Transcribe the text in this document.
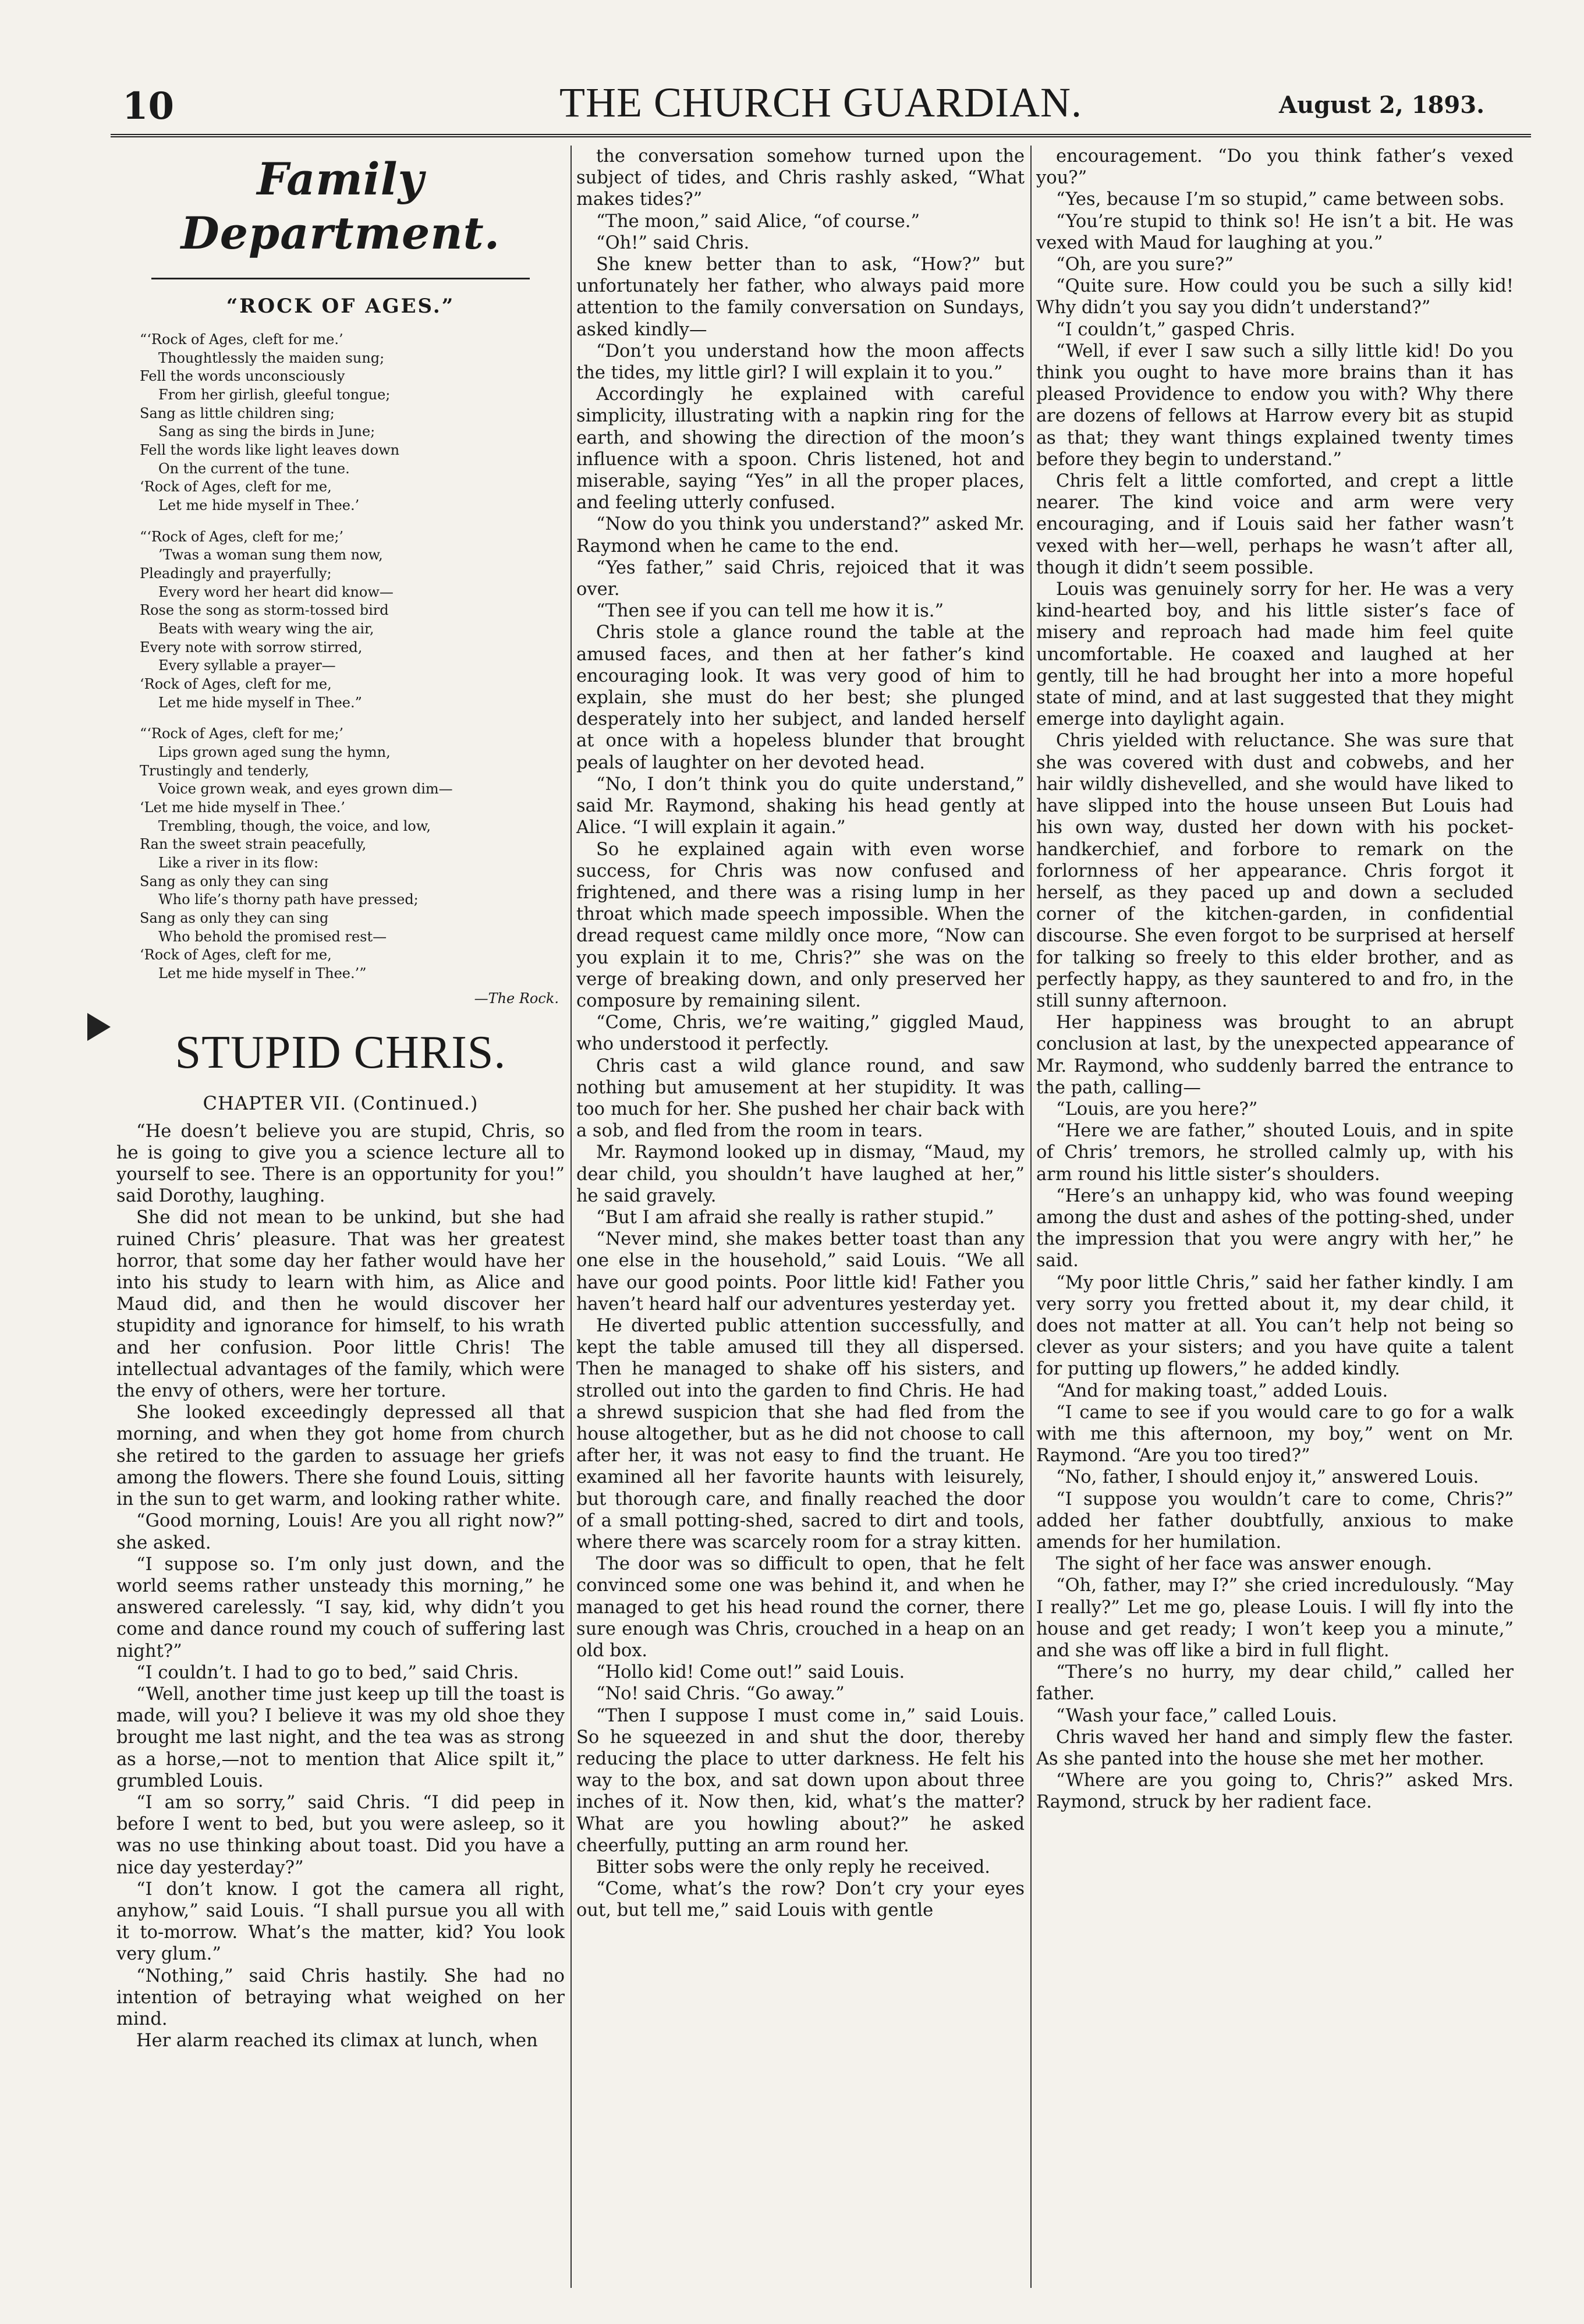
10	THE CHURCH GUARDIAN.	August 2, 1893.
Family Department.
“ROCK OF AGES.”
“‘Rock of Ages, cleft for me.’
Thoughtlessly the maiden sung;
Fell the words unconsciously
From her girlish, gleeful tongue;
Sang as little children sing;
Sang as sing the birds in June;
Fell the words like light leaves down
On the current of the tune.
‘Rock of Ages, cleft for me,
Let me hide myself in Thee.’
“‘Rock of Ages, cleft for me;’
’Twas a woman sung them now,
Pleadingly and prayerfully;
Every word her heart did know—
Rose the song as storm-tossed bird
Beats with weary wing the air,
Every note with sorrow stirred,
Every syllable a prayer—
‘Rock of Ages, cleft for me,
Let me hide myself in Thee.”
“‘Rock of Ages, cleft for me;’
Lips grown aged sung the hymn,
Trustingly and tenderly,
Voice grown weak, and eyes grown dim—
‘Let me hide myself in Thee.’
Trembling, though, the voice, and low,
Ran the sweet strain peacefully,
Like a river in its flow:
Sang as only they can sing
Who life’s thorny path have pressed;
Sang as only they can sing
Who behold the promised rest—
‘Rock of Ages, cleft for me,
Let me hide myself in Thee.’”
—The Rock.
STUPID CHRIS.
CHAPTER VII. (Continued.)

“He doesn’t believe you are stupid, Chris, so he is going to give you a science lecture all to yourself to see. There is an opportunity for you!” said Dorothy, laughing.

She did not mean to be unkind, but she had ruined Chris’ pleasure. That was her greatest horror, that some day her father would have her into his study to learn with him, as Alice and Maud did, and then he would discover her stupidity and ignorance for himself, to his wrath and her confusion. Poor little Chris! The intellectual advantages of the family, which were the envy of others, were her torture.

She looked exceedingly depressed all that morning, and when they got home from church she retired to the garden to assuage her griefs among the flowers. There she found Louis, sitting in the sun to get warm, and looking rather white.

“Good morning, Louis! Are you all right now?” she asked.

“I suppose so. I’m only just down, and the world seems rather unsteady this morning,” he answered carelessly. “I say, kid, why didn’t you come and dance round my couch of suffering last night?”

“I couldn’t. I had to go to bed,” said Chris.

“Well, another time just keep up till the toast is made, will you? I believe it was my old shoe they brought me last night, and the tea was as strong as a horse,—not to mention that Alice spilt it,” grumbled Louis.

“I am so sorry,” said Chris. “I did peep in before I went to bed, but you were asleep, so it was no use thinking about toast. Did you have a nice day yesterday?”

“I don’t know. I got the camera all right, anyhow,” said Louis. “I shall pursue you all with it to-morrow. What’s the matter, kid? You look very glum.”

“Nothing,” said Chris hastily. She had no intention of betraying what weighed on her mind.

Her alarm reached its climax at lunch, when

the conversation somehow turned upon the subject of tides, and Chris rashly asked, “What makes tides?”

“The moon,” said Alice, “of course.”

“Oh!” said Chris.

She knew better than to ask, “How?” but unfortunately her father, who always paid more attention to the family conversation on Sundays, asked kindly—

“Don’t you understand how the moon affects the tides, my little girl? I will explain it to you.”

Accordingly he explained with careful simplicity, illustrating with a napkin ring for the earth, and showing the direction of the moon’s influence with a spoon. Chris listened, hot and miserable, saying “Yes” in all the proper places, and feeling utterly confused.

“Now do you think you understand?” asked Mr. Raymond when he came to the end.

“Yes father,” said Chris, rejoiced that it was over.

“Then see if you can tell me how it is.”

Chris stole a glance round the table at the amused faces, and then at her father’s kind encouraging look. It was very good of him to explain, she must do her best; she plunged desperately into her subject, and landed herself at once with a hopeless blunder that brought peals of laughter on her devoted head.

“No, I don’t think you do quite understand,” said Mr. Raymond, shaking his head gently at Alice. “I will explain it again.”

So he explained again with even worse success, for Chris was now confused and frightened, and there was a rising lump in her throat which made speech impossible. When the dread request came mildly once more, “Now can you explain it to me, Chris?” she was on the verge of breaking down, and only preserved her composure by remaining silent.

“Come, Chris, we’re waiting,” giggled Maud, who understood it perfectly.

Chris cast a wild glance round, and saw nothing but amusement at her stupidity. It was too much for her. She pushed her chair back with a sob, and fled from the room in tears.

Mr. Raymond looked up in dismay, “Maud, my dear child, you shouldn’t have laughed at her,” he said gravely.

“But I am afraid she really is rather stupid.”

“Never mind, she makes better toast than any one else in the household,” said Louis. “We all have our good points. Poor little kid! Father you haven’t heard half our adventures yesterday yet.

He diverted public attention successfully, and kept the table amused till they all dispersed. Then he managed to shake off his sisters, and strolled out into the garden to find Chris. He had a shrewd suspicion that she had fled from the house altogether, but as he did not choose to call after her, it was not easy to find the truant. He examined all her favorite haunts with leisurely, but thorough care, and finally reached the door of a small potting-shed, sacred to dirt and tools, where there was scarcely room for a stray kitten.

The door was so difficult to open, that he felt convinced some one was behind it, and when he managed to get his head round the corner, there sure enough was Chris, crouched in a heap on an old box.

“Hollo kid! Come out!” said Louis.

“No! said Chris. “Go away.”

“Then I suppose I must come in,” said Louis. So he squeezed in and shut the door, thereby reducing the place to utter darkness. He felt his way to the box, and sat down upon about three inches of it. Now then, kid, what’s the matter? What are you howling about?” he asked cheerfully, putting an arm round her.

Bitter sobs were the only reply he received.

“Come, what’s the row? Don’t cry your eyes out, but tell me,” said Louis with gentle

encouragement. “Do you think father’s vexed you?”

“Yes, because I’m so stupid,” came between sobs.

“You’re stupid to think so! He isn’t a bit. He was vexed with Maud for laughing at you.”

“Oh, are you sure?”

“Quite sure. How could you be such a silly kid! Why didn’t you say you didn’t understand?”

“I couldn’t,” gasped Chris.

“Well, if ever I saw such a silly little kid! Do you think you ought to have more brains than it has pleased Providence to endow you with? Why there are dozens of fellows at Harrow every bit as stupid as that; they want things explained twenty times before they begin to understand.”

Chris felt a little comforted, and crept a little nearer. The kind voice and arm were very encouraging, and if Louis said her father wasn’t vexed with her—well, perhaps he wasn’t after all, though it didn’t seem possible.

Louis was genuinely sorry for her. He was a very kind-hearted boy, and his little sister’s face of misery and reproach had made him feel quite uncomfortable. He coaxed and laughed at her gently, till he had brought her into a more hopeful state of mind, and at last suggested that they might emerge into daylight again.

Chris yielded with reluctance. She was sure that she was covered with dust and cobwebs, and her hair wildly dishevelled, and she would have liked to have slipped into the house unseen But Louis had his own way, dusted her down with his pocket-handkerchief, and forbore to remark on the forlornness of her appearance. Chris forgot it herself, as they paced up and down a secluded corner of the kitchen-garden, in confidential discourse. She even forgot to be surprised at herself for talking so freely to this elder brother, and as perfectly happy, as they sauntered to and fro, in the still sunny afternoon.

Her happiness was brought to an abrupt conclusion at last, by the unexpected appearance of Mr. Raymond, who suddenly barred the entrance to the path, calling—

“Louis, are you here?”

“Here we are father,” shouted Louis, and in spite of Chris’ tremors, he strolled calmly up, with his arm round his little sister’s shoulders.

“Here’s an unhappy kid, who was found weeping among the dust and ashes of the potting-shed, under the impression that you were angry with her,” he said.

“My poor little Chris,” said her father kindly. I am very sorry you fretted about it, my dear child, it does not matter at all. You can’t help not being so clever as your sisters; and you have quite a talent for putting up flowers,” he added kindly.

“And for making toast,” added Louis.

“I came to see if you would care to go for a walk with me this afternoon, my boy,” went on Mr. Raymond. “Are you too tired?”

“No, father, I should enjoy it,” answered Louis.

“I suppose you wouldn’t care to come, Chris?” added her father doubtfully, anxious to make amends for her humilation.

The sight of her face was answer enough.

“Oh, father, may I?” she cried incredulously. “May I really?” Let me go, please Louis. I will fly into the house and get ready; I won’t keep you a minute,” and she was off like a bird in full flight.

“There’s no hurry, my dear child,” called her father.

“Wash your face,” called Louis.

Chris waved her hand and simply flew the faster. As she panted into the house she met her mother.

“Where are you going to, Chris?” asked Mrs. Raymond, struck by her radient face.
